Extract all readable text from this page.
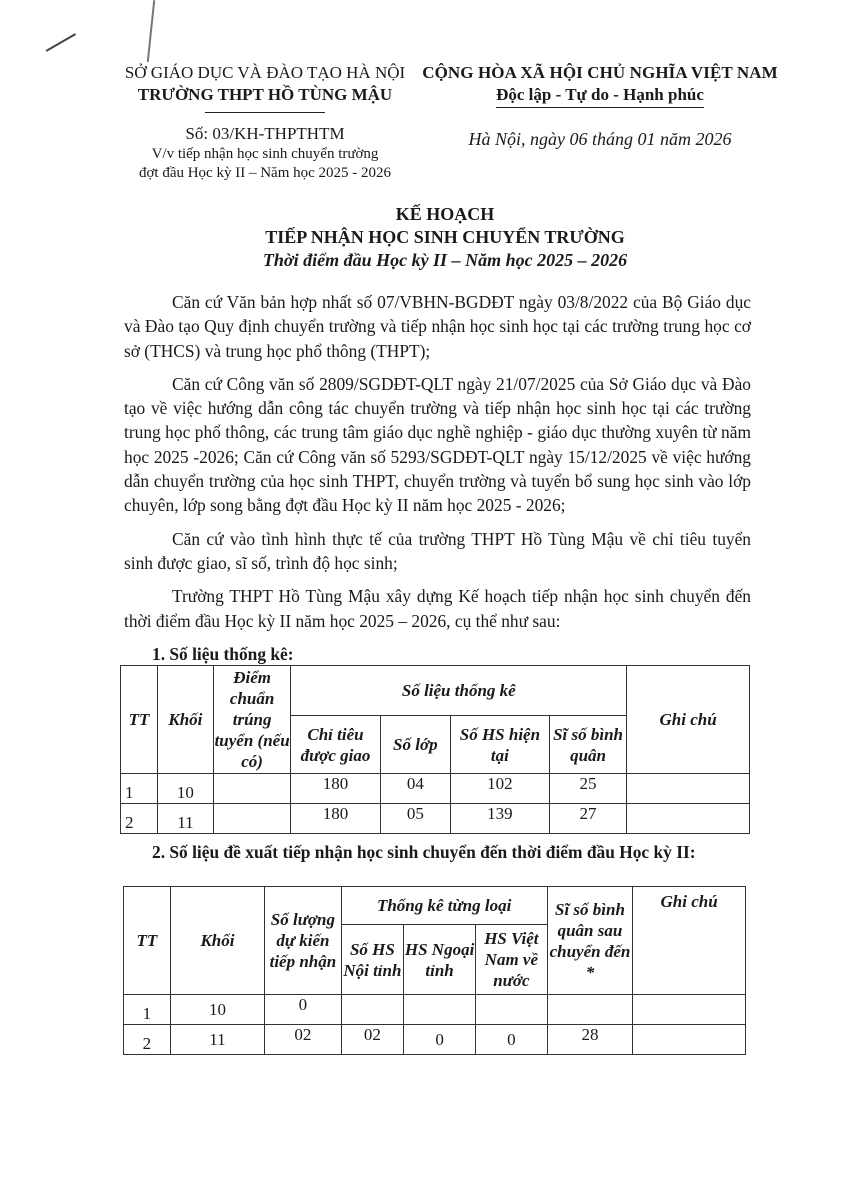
SỞ GIÁO DỤC VÀ ĐÀO TẠO HÀ NỘI
TRƯỜNG THPT HỒ TÙNG MẬU
Số: 03/KH-THPTHTM
V/v tiếp nhận học sinh chuyển trường
đợt đầu Học kỳ II – Năm học 2025 - 2026
CỘNG HÒA XÃ HỘI CHỦ NGHĨA VIỆT NAM
Độc lập - Tự do - Hạnh phúc
Hà Nội, ngày 06 tháng 01 năm 2026
KẾ HOẠCH
TIẾP NHẬN HỌC SINH CHUYỂN TRƯỜNG
Thời điểm đầu Học kỳ II – Năm học 2025 – 2026

Căn cứ Văn bản hợp nhất số 07/VBHN-BGDĐT ngày 03/8/2022 của Bộ Giáo dục và Đào tạo Quy định chuyển trường và tiếp nhận học sinh học tại các trường trung học cơ sở (THCS) và trung học phổ thông (THPT);

Căn cứ Công văn số 2809/SGDĐT-QLT ngày 21/07/2025 của Sở Giáo dục và Đào tạo về việc hướng dẫn công tác chuyển trường và tiếp nhận học sinh học tại các trường trung học phổ thông, các trung tâm giáo dục nghề nghiệp - giáo dục thường xuyên từ năm học 2025 -2026; Căn cứ Công văn số 5293/SGDĐT-QLT ngày 15/12/2025 về việc hướng dẫn chuyển trường của học sinh THPT, chuyển trường và tuyển bổ sung học sinh vào lớp chuyên, lớp song bằng đợt đầu Học kỳ II năm học 2025 - 2026;

Căn cứ vào tình hình thực tế của trường THPT Hồ Tùng Mậu về chỉ tiêu tuyển sinh được giao, sĩ số, trình độ học sinh;

Trường THPT Hồ Tùng Mậu xây dựng Kế hoạch tiếp nhận học sinh chuyển đến thời điểm đầu Học kỳ II năm học 2025 – 2026, cụ thể như sau:

1. Số liệu thống kê:
TT	Khối	Điểm chuẩn trúng tuyển (nếu có)	Số liệu thống kê				Ghi chú
			Chỉ tiêu được giao	Số lớp	Số HS hiện tại	Sĩ số bình quân	
1	10		180	04	102	25	
2	11		180	05	139	27	
2. Số liệu đề xuất tiếp nhận học sinh chuyển đến thời điểm đầu Học kỳ II:
TT	Khối	Số lượng dự kiến tiếp nhận	Thống kê từng loại			Sĩ số bình quân sau chuyển đến *	Ghi chú
			Số HS Nội tỉnh	HS Ngoại tỉnh	HS Việt Nam về nước		
1	10	0					
2	11	02	02	0	0	28	
